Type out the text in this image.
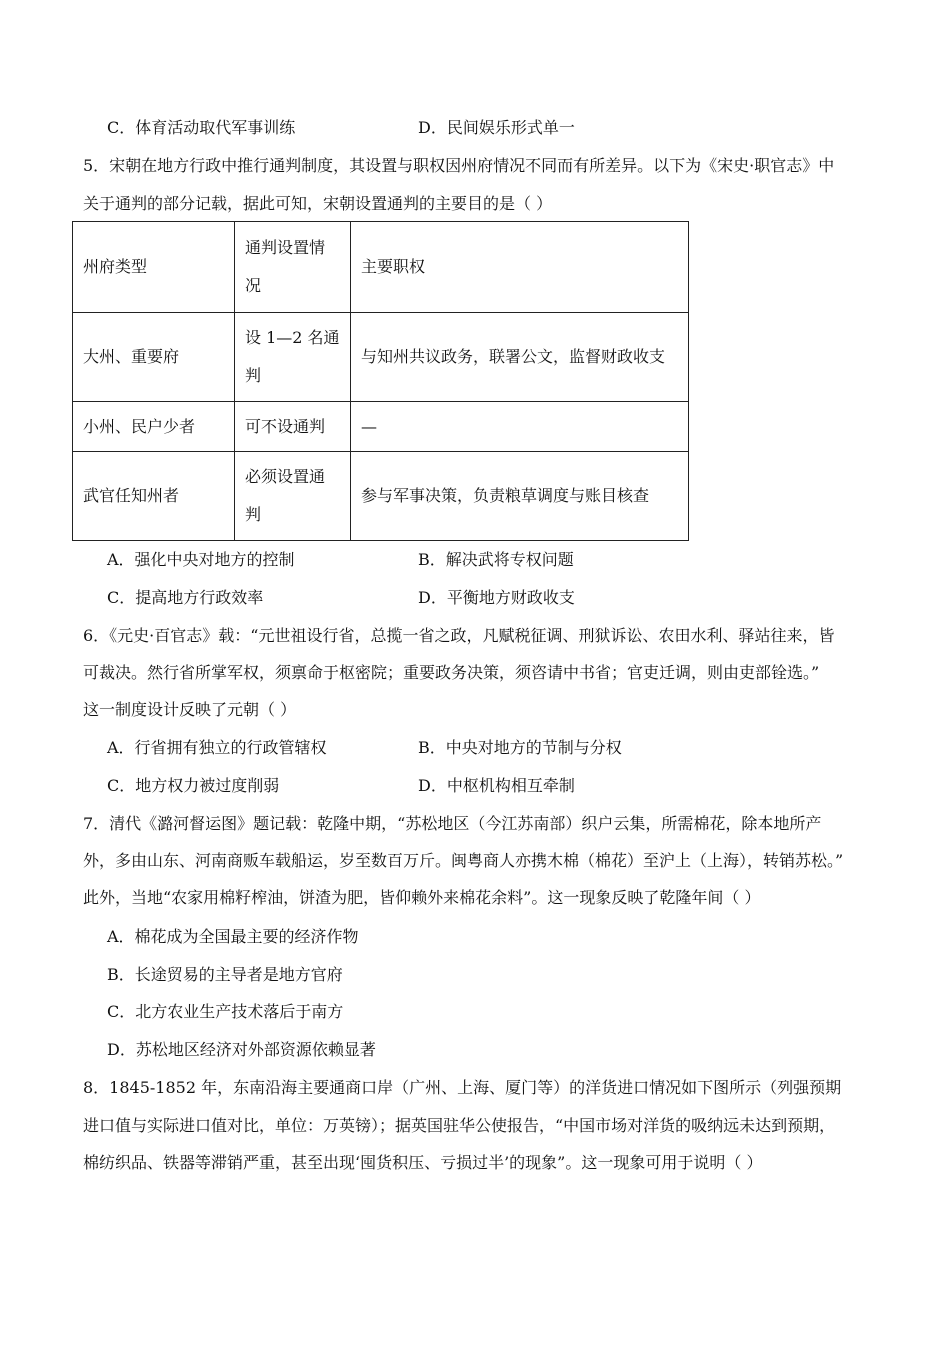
C．体育活动取代军事训练	D．民间娱乐形式单一
5．宋朝在地方行政中推行通判制度，其设置与职权因州府情况不同而有所差异。以下为《宋史·职官志》中
关于通判的部分记载，据此可知，宋朝设置通判的主要目的是（ ）
州府类型	通判设置情况	主要职权
大州、重要府	设 1—2 名通判	与知州共议政务，联署公文，监督财政收支
小州、民户少者	可不设通判	—
武官任知州者	必须设置通判	参与军事决策，负责粮草调度与账目核查
A．强化中央对地方的控制	B．解决武将专权问题
C．提高地方行政效率	D．平衡地方财政收支
6．《元史·百官志》载：“元世祖设行省，总揽一省之政，凡赋税征调、刑狱诉讼、农田水利、驿站往来，皆
可裁决。然行省所掌军权，须禀命于枢密院；重要政务决策，须咨请中书省；官吏迁调，则由吏部铨选。”
这一制度设计反映了元朝（ ）
A．行省拥有独立的行政管辖权	B．中央对地方的节制与分权
C．地方权力被过度削弱	D．中枢机构相互牵制
7．清代《潞河督运图》题记载：乾隆中期，“苏松地区（今江苏南部）织户云集，所需棉花，除本地所产
外，多由山东、河南商贩车载船运，岁至数百万斤。闽粤商人亦携木棉（棉花）至沪上（上海），转销苏松。”
此外，当地“农家用棉籽榨油，饼渣为肥，皆仰赖外来棉花余料”。这一现象反映了乾隆年间（ ）
A．棉花成为全国最主要的经济作物
B．长途贸易的主导者是地方官府
C．北方农业生产技术落后于南方
D．苏松地区经济对外部资源依赖显著
8．1845-1852 年，东南沿海主要通商口岸（广州、上海、厦门等）的洋货进口情况如下图所示（列强预期
进口值与实际进口值对比，单位：万英镑）；据英国驻华公使报告，“中国市场对洋货的吸纳远未达到预期，
棉纺织品、铁器等滞销严重，甚至出现‘囤货积压、亏损过半’的现象”。这一现象可用于说明（ ）
